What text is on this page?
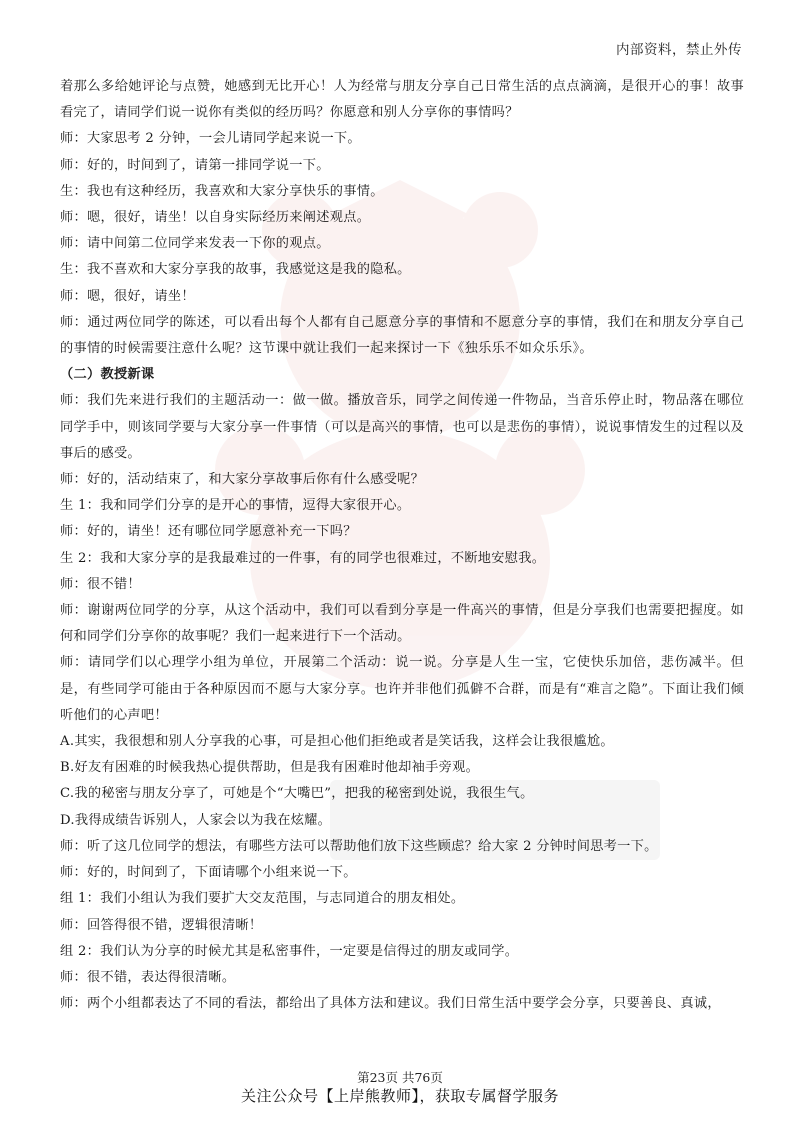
内部资料，禁止外传

着那么多给她评论与点赞，她感到无比开心！人为经常与朋友分享自己日常生活的点点滴滴，是很开心的事！故事看完了，请同学们说一说你有类似的经历吗？你愿意和别人分享你的事情吗？

师：大家思考 2 分钟，一会儿请同学起来说一下。

师：好的，时间到了，请第一排同学说一下。

生：我也有这种经历，我喜欢和大家分享快乐的事情。

师：嗯，很好，请坐！以自身实际经历来阐述观点。

师：请中间第二位同学来发表一下你的观点。

生：我不喜欢和大家分享我的故事，我感觉这是我的隐私。

师：嗯，很好，请坐！

师：通过两位同学的陈述，可以看出每个人都有自己愿意分享的事情和不愿意分享的事情，我们在和朋友分享自己的事情的时候需要注意什么呢？这节课中就让我们一起来探讨一下《独乐乐不如众乐乐》。

（二）教授新课

师：我们先来进行我们的主题活动一：做一做。播放音乐，同学之间传递一件物品，当音乐停止时，物品落在哪位同学手中，则该同学要与大家分享一件事情（可以是高兴的事情，也可以是悲伤的事情），说说事情发生的过程以及事后的感受。

师：好的，活动结束了，和大家分享故事后你有什么感受呢？

生 1：我和同学们分享的是开心的事情，逗得大家很开心。

师：好的，请坐！还有哪位同学愿意补充一下吗？

生 2：我和大家分享的是我最难过的一件事，有的同学也很难过，不断地安慰我。

师：很不错！

师：谢谢两位同学的分享，从这个活动中，我们可以看到分享是一件高兴的事情，但是分享我们也需要把握度。如何和同学们分享你的故事呢？我们一起来进行下一个活动。

师：请同学们以心理学小组为单位，开展第二个活动：说一说。分享是人生一宝，它使快乐加倍，悲伤减半。但是，有些同学可能由于各种原因而不愿与大家分享。也许并非他们孤僻不合群，而是有“难言之隐”。下面让我们倾听他们的心声吧！

A.其实，我很想和别人分享我的心事，可是担心他们拒绝或者是笑话我，这样会让我很尴尬。

B.好友有困难的时候我热心提供帮助，但是我有困难时他却袖手旁观。

C.我的秘密与朋友分享了，可她是个“大嘴巴”，把我的秘密到处说，我很生气。

D.我得成绩告诉别人，人家会以为我在炫耀。

师：听了这几位同学的想法，有哪些方法可以帮助他们放下这些顾虑？给大家 2 分钟时间思考一下。

师：好的，时间到了，下面请哪个小组来说一下。

组 1：我们小组认为我们要扩大交友范围，与志同道合的朋友相处。

师：回答得很不错，逻辑很清晰！

组 2：我们认为分享的时候尤其是私密事件，一定要是信得过的朋友或同学。

师：很不错，表达得很清晰。

师：两个小组都表达了不同的看法，都给出了具体方法和建议。我们日常生活中要学会分享，只要善良、真诚，

第23页 共76页
关注公众号【上岸熊教师】，获取专属督学服务
